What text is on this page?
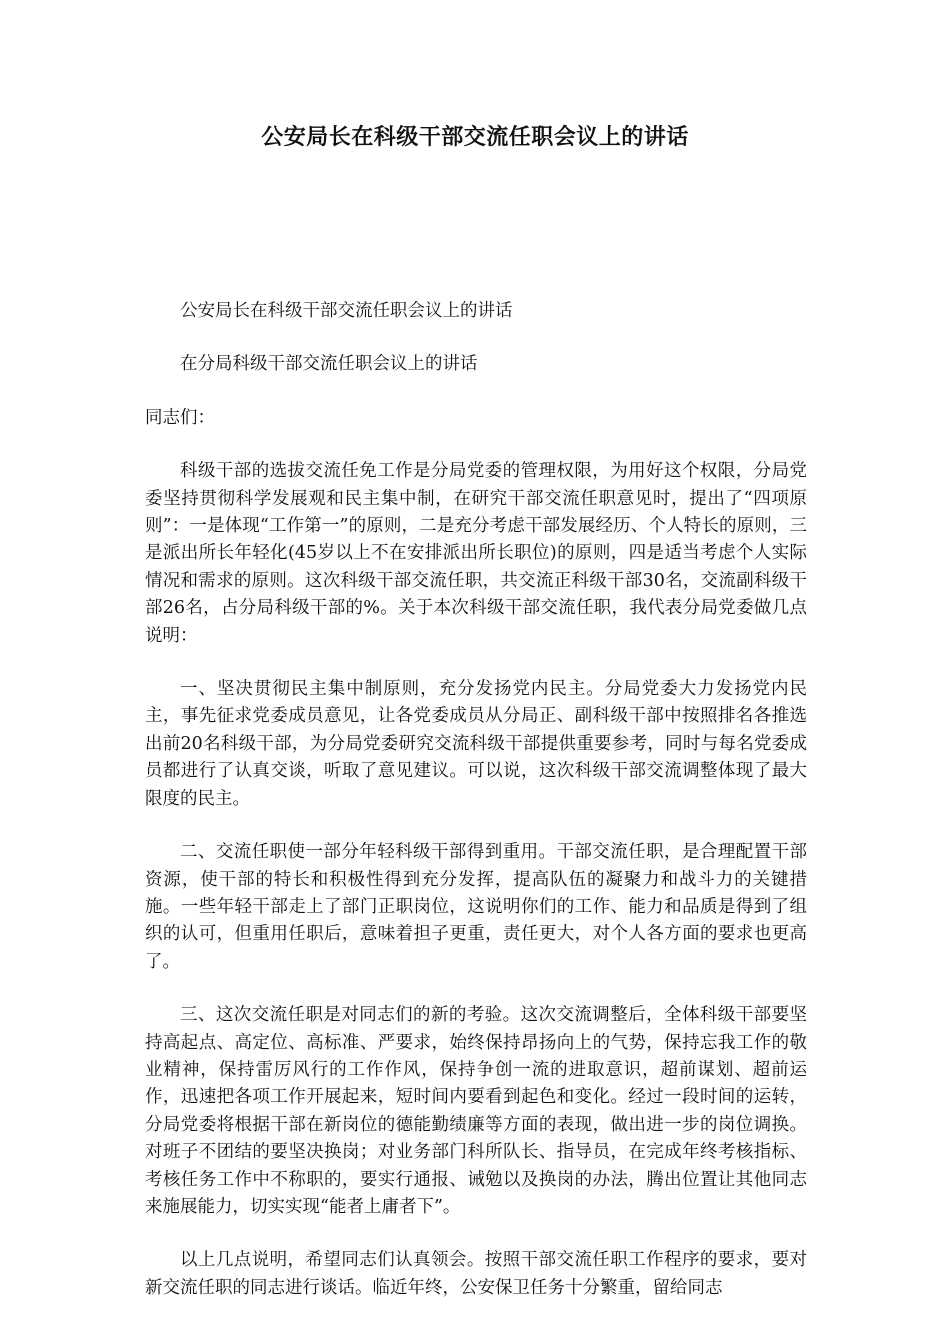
公安局长在科级干部交流任职会议上的讲话

公安局长在科级干部交流任职会议上的讲话

在分局科级干部交流任职会议上的讲话

同志们：

科级干部的选拔交流任免工作是分局党委的管理权限，为用好这个权限，分局党委坚持贯彻科学发展观和民主集中制，在研究干部交流任职意见时，提出了“四项原则”：一是体现“工作第一”的原则，二是充分考虑干部发展经历、个人特长的原则，三是派出所长年轻化(45岁以上不在安排派出所长职位)的原则，四是适当考虑个人实际情况和需求的原则。这次科级干部交流任职，共交流正科级干部30名，交流副科级干部26名，占分局科级干部的%。关于本次科级干部交流任职，我代表分局党委做几点说明：

一、坚决贯彻民主集中制原则，充分发扬党内民主。分局党委大力发扬党内民主，事先征求党委成员意见，让各党委成员从分局正、副科级干部中按照排名各推选出前20名科级干部，为分局党委研究交流科级干部提供重要参考，同时与每名党委成员都进行了认真交谈，听取了意见建议。可以说，这次科级干部交流调整体现了最大限度的民主。

二、交流任职使一部分年轻科级干部得到重用。干部交流任职，是合理配置干部资源，使干部的特长和积极性得到充分发挥，提高队伍的凝聚力和战斗力的关键措施。一些年轻干部走上了部门正职岗位，这说明你们的工作、能力和品质是得到了组织的认可，但重用任职后，意味着担子更重，责任更大，对个人各方面的要求也更高了。

三、这次交流任职是对同志们的新的考验。这次交流调整后，全体科级干部要坚持高起点、高定位、高标准、严要求，始终保持昂扬向上的气势，保持忘我工作的敬业精神，保持雷厉风行的工作作风，保持争创一流的进取意识，超前谋划、超前运作，迅速把各项工作开展起来，短时间内要看到起色和变化。经过一段时间的运转，分局党委将根据干部在新岗位的德能勤绩廉等方面的表现，做出进一步的岗位调换。对班子不团结的要坚决换岗；对业务部门科所队长、指导员，在完成年终考核指标、考核任务工作中不称职的，要实行通报、诫勉以及换岗的办法，腾出位置让其他同志来施展能力，切实实现“能者上庸者下”。

以上几点说明，希望同志们认真领会。按照干部交流任职工作程序的要求，要对新交流任职的同志进行谈话。临近年终，公安保卫任务十分繁重，留给同志
